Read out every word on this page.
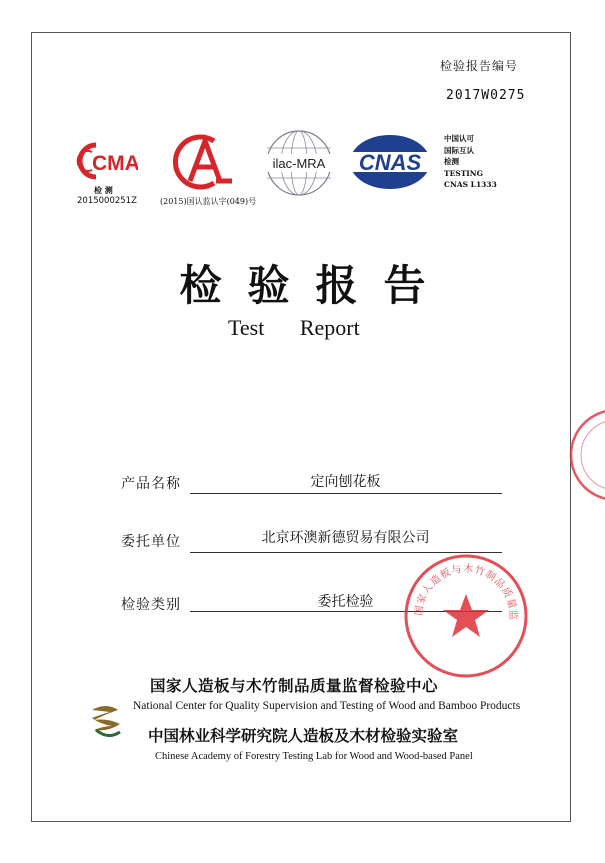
检验报告编号
2017W0275
CMA
检 测
2015000251Z
CAL
(2015)国认监认字(049)号
ilac-MRA CNAS
中国认可
国际互认
检测
TESTING
CNAS L1333
检验报告
Test Report
产品名称	定向刨花板
委托单位	北京环澳新德贸易有限公司
检验类别	委托检验
国家人造板与木竹制品质量监
国家人造板与木竹制品质量监督检验中心
National Center for Quality Supervision and Testing of Wood and Bamboo Products
中国林业科学研究院人造板及木材检验实验室
Chinese Academy of Forestry Testing Lab for Wood and Wood-based Panel
